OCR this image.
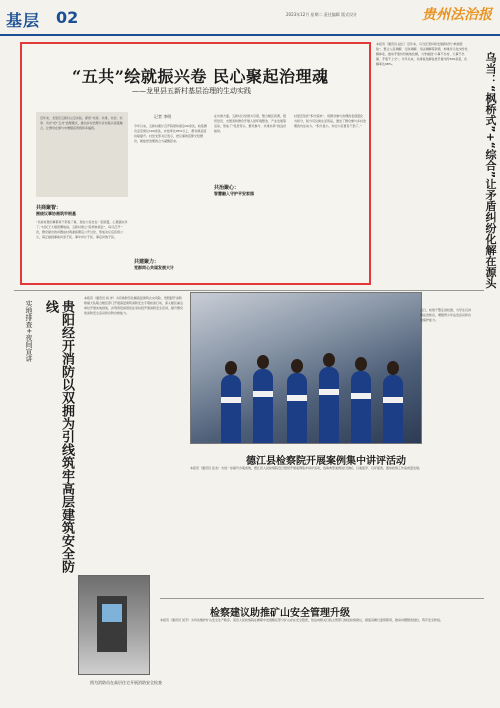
基层 02	2023年12月 星期二 责任编辑 版式设计	贵州法治报
“五共”绘就振兴卷 民心聚起治理魂
——龙里县五新村基层治理的生动实践

近年来，龙里县五新村立足实际，探索“共商、共建、共治、共享、共评”的“五共”治理模式，推动乡村治理与乡村振兴深度融合，让群众在参与中增强获得感和幸福感。

记者 李明
共商聚智：
围绕议事协商筑牢根基

“以前村里的事都是干部说了算，现在大家坐在一起商量，心里踏实多了。”村民王大姐感慨地说。五新村建立“院坝协商会”，每月召开一次，群众提出的问题由村两委梳理后公开讨论，形成决议后张榜公示，真正做到事前问需于民、事中问计于民、事后问效于民。

今年以来，五新村累计召开院坝协商会20余次，收集群众意见建议100余条，办结率达95%以上，群众满意度持续提升。村党支部书记表示，把议事的话筒交给群众，就能把治理的合力凝聚起来。

共建聚力：
党群同心共谋发展大计

在共建方面，五新村以党建为引领，整合辖区资源，组织党员、志愿者和群众开展人居环境整治、产业发展等活动，形成了“党员带头、群众参与、共建共享”的良好格局。

共治聚心：
智慧融入守护平安家园

村里还依托“积分超市”，将群众参与治理的表现量化为积分，积分可兑换生活用品，激发了群众参与乡村治理的内生动力。“积分虽小，却让大家更有干劲了。”

本报讯（通讯员 赵红）近年来，乌当区坚持和发展新时代“枫桥经验”，整合人民调解、行政调解、司法调解等资源，构建多元化纠纷化解体系，推动矛盾纠纷就地化解，力争做到“小事不出村、大事不出镇、矛盾不上交”。今年以来，共排查化解各类矛盾纠纷300余起，化解率达98%。	乌当：“枫桥式”+“综合”让矛盾纠纷化解在源头
贵阳经开消防以双拥为引线筑牢高层建筑安全防线
实地排查+夜间宣讲

本报讯（通讯员 杨 洋）为有效防范化解高层建筑火灾风险，贵阳经开消防救援大队联合辖区部门开展高层建筑消防安全专项检查行动，深入辖区重点单位开展实地排查，并利用夜间居民在家时段开展消防安全宣讲，提升群众的消防安全意识和自防自救能力。

近日，检察干警走进校园，为学生们讲解法治知识，增强青少年法治意识和自我保护能力。
德江县检察院开展案例集中讲评活动

本报讯（通讯员 张杰）为进一步提升办案质效，德江县人民检察院近日组织开展案例集中讲评活动，选取典型案例进行剖析，以案促学、以评促改，推动检察工作高质量发展。

检察建议助推矿山安全管理升级

本报讯（通讯员 吴芳）为切实维护矿山安全生产秩序，某县人民检察院在履职中发现辖区部分矿山存在安全隐患，依法向相关行政主管部门制发检察建议，督促其履行监管职责，推动问题整改到位，筑牢安全防线。

图为消防员在高层住宅开展消防安全检查
